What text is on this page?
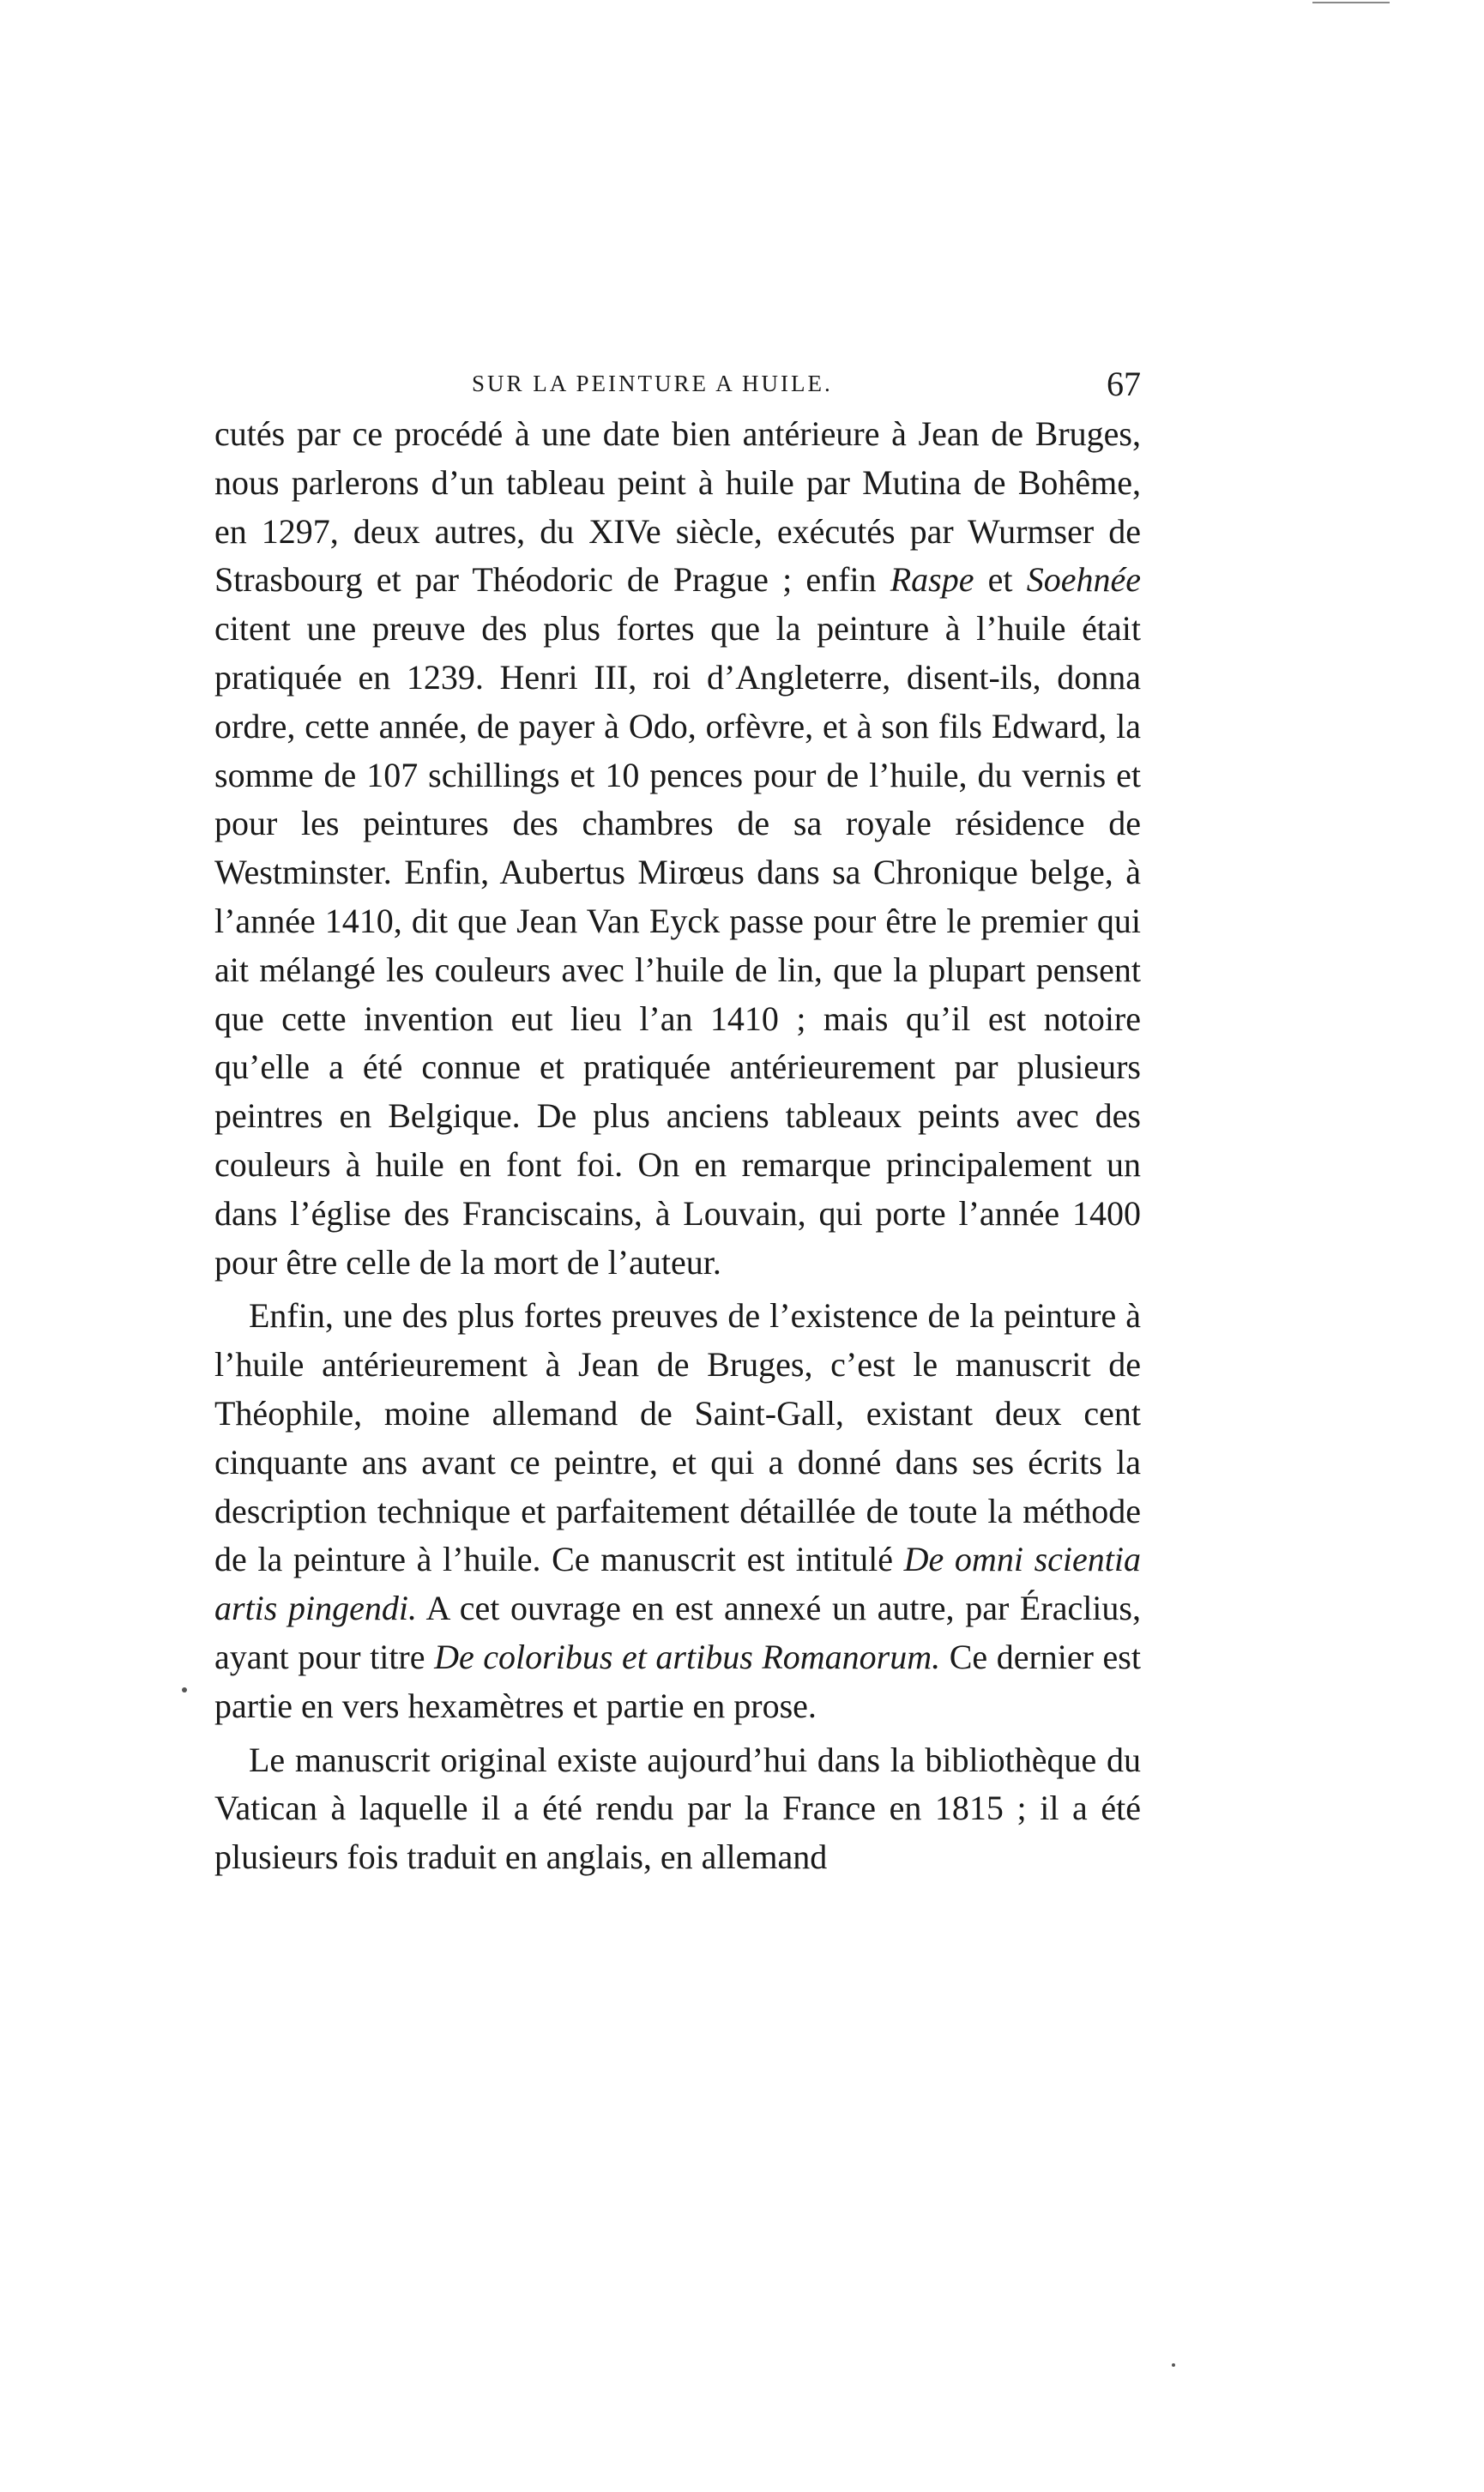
SUR LA PEINTURE A HUILE.	67

cutés par ce procédé à une date bien antérieure à Jean de Bruges, nous parlerons d’un tableau peint à huile par Mutina de Bohême, en 1297, deux autres, du XIVe siècle, exécutés par Wurmser de Strasbourg et par Théodoric de Prague ; enfin Raspe et Soehnée citent une preuve des plus fortes que la peinture à l’huile était pratiquée en 1239. Henri III, roi d’Angleterre, disent-ils, donna ordre, cette année, de payer à Odo, orfèvre, et à son fils Edward, la somme de 107 schillings et 10 pences pour de l’huile, du vernis et pour les peintures des chambres de sa royale résidence de Westminster. Enfin, Aubertus Mirœus dans sa Chronique belge, à l’année 1410, dit que Jean Van Eyck passe pour être le premier qui ait mélangé les couleurs avec l’huile de lin, que la plupart pensent que cette invention eut lieu l’an 1410 ; mais qu’il est notoire qu’elle a été connue et pratiquée antérieurement par plusieurs peintres en Belgique. De plus anciens tableaux peints avec des couleurs à huile en font foi. On en remarque principalement un dans l’église des Franciscains, à Louvain, qui porte l’année 1400 pour être celle de la mort de l’auteur.

Enfin, une des plus fortes preuves de l’existence de la peinture à l’huile antérieurement à Jean de Bruges, c’est le manuscrit de Théophile, moine allemand de Saint-Gall, existant deux cent cinquante ans avant ce peintre, et qui a donné dans ses écrits la description technique et parfaitement détaillée de toute la méthode de la peinture à l’huile. Ce manuscrit est intitulé De omni scientia artis pingendi. A cet ouvrage en est annexé un autre, par Éraclius, ayant pour titre De coloribus et artibus Romanorum. Ce dernier est partie en vers hexamètres et partie en prose.

Le manuscrit original existe aujourd’hui dans la bibliothèque du Vatican à laquelle il a été rendu par la France en 1815 ; il a été plusieurs fois traduit en anglais, en allemand
